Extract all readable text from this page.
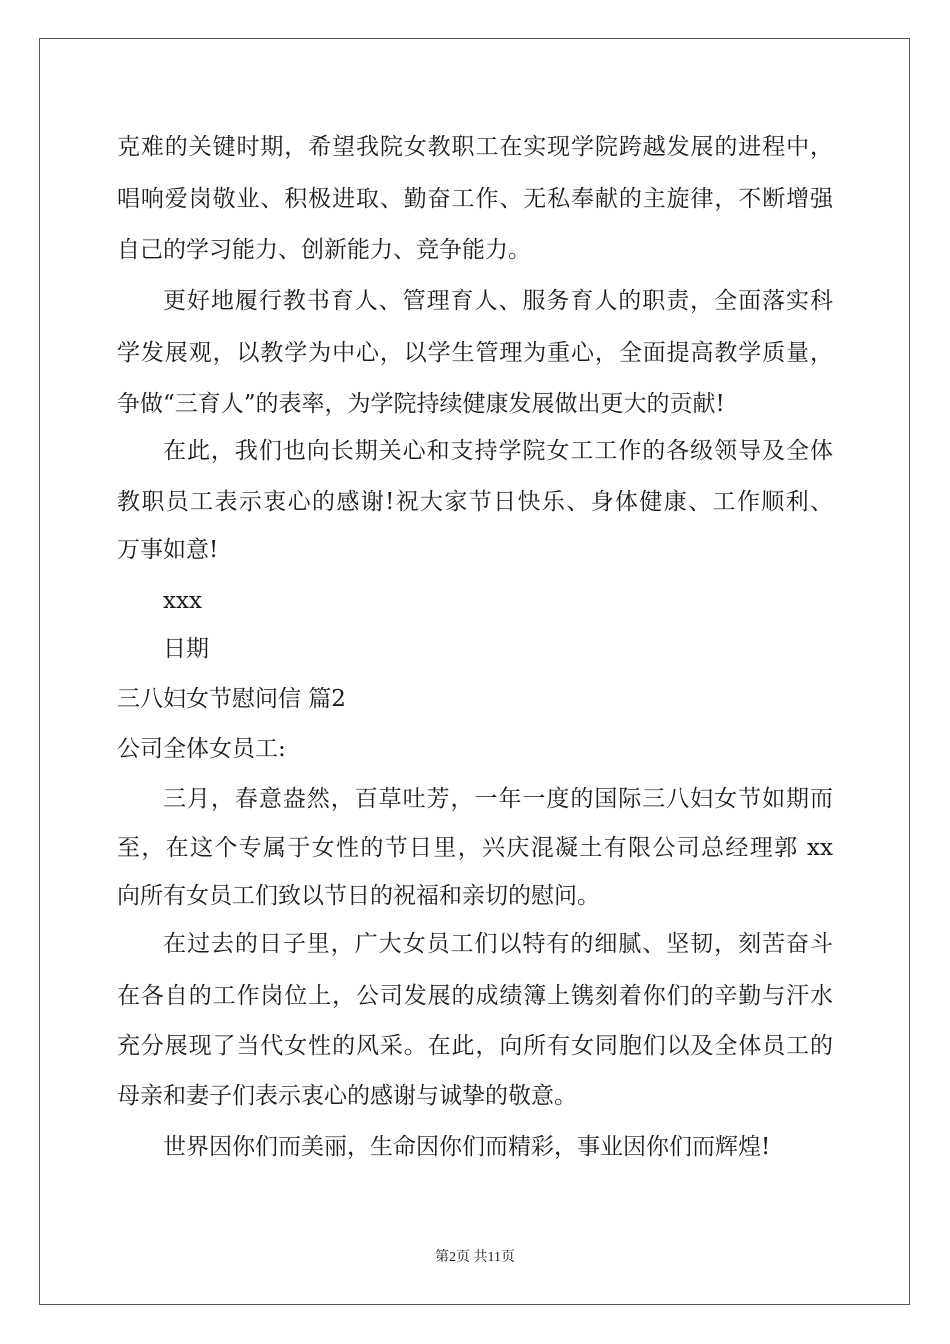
克难的关键时期，希望我院女教职工在实现学院跨越发展的进程中，
唱响爱岗敬业、积极进取、勤奋工作、无私奉献的主旋律，不断增强
自己的学习能力、创新能力、竞争能力。
更好地履行教书育人、管理育人、服务育人的职责，全面落实科
学发展观，以教学为中心，以学生管理为重心，全面提高教学质量，
争做“三育人”的表率，为学院持续健康发展做出更大的贡献!
在此，我们也向长期关心和支持学院女工工作的各级领导及全体
教职员工表示衷心的感谢!祝大家节日快乐、身体健康、工作顺利、
万事如意!
xxx
日期
三八妇女节慰问信 篇2
公司全体女员工:
三月，春意盎然，百草吐芳，一年一度的国际三八妇女节如期而
至，在这个专属于女性的节日里，兴庆混凝土有限公司总经理郭 xx
向所有女员工们致以节日的祝福和亲切的慰问。
在过去的日子里，广大女员工们以特有的细腻、坚韧，刻苦奋斗
在各自的工作岗位上，公司发展的成绩簿上镌刻着你们的辛勤与汗水
充分展现了当代女性的风采。在此，向所有女同胞们以及全体员工的
母亲和妻子们表示衷心的感谢与诚挚的敬意。
世界因你们而美丽，生命因你们而精彩，事业因你们而辉煌!
第2页 共11页
